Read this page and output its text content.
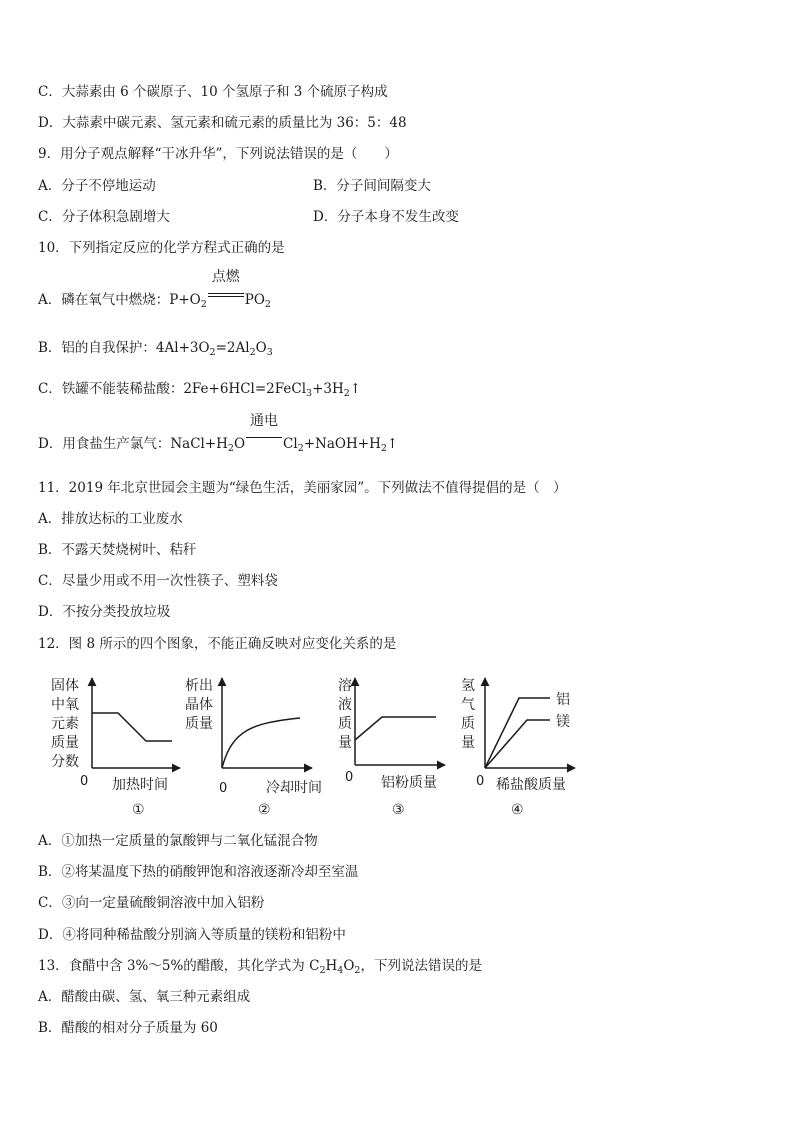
C．大蒜素由 6 个碳原子、10 个氢原子和 3 个硫原子构成
D．大蒜素中碳元素、氢元素和硫元素的质量比为 36：5：48
9．用分子观点解释“干冰升华”，下列说法错误的是（　　）
A．分子不停地运动	B．分子间间隔变大
C．分子体积急剧增大	D．分子本身不发生改变
10．下列指定反应的化学方程式正确的是
A．磷在氧气中燃烧：$P+O_2$
点燃
$PO_2$
B．铝的自我保护：$4Al+3O_2=2Al_2O_3$
C．铁罐不能装稀盐酸：$2Fe+6HCl=2FeCl_3+3H_2↑$
D．用食盐生产氯气：$NaCl+H_2O$
通电
$Cl_2+NaOH+H_2↑$
11．2019 年北京世园会主题为“绿色生活，美丽家园”。下列做法不值得提倡的是（　）
A．排放达标的工业废水
B．不露天焚烧树叶、秸秆
C．尽量少用或不用一次性筷子、塑料袋
D．不按分类投放垃圾
12．图 8 所示的四个图象，不能正确反映对应变化关系的是
固体
中氧
元素
质量
分数
0 加热时间
①
析出
晶体
质量
0	冷却时间
②
溶
液
质
量
0 铝粉质量
③
氢
气
质
量
铝
镁
0 稀盐酸质量
④
A．①加热一定质量的氯酸钾与二氧化锰混合物
B．②将某温度下热的硝酸钾饱和溶液逐渐冷却至室温
C．③向一定量硫酸铜溶液中加入铝粉
D．④将同种稀盐酸分别滴入等质量的镁粉和铝粉中
13．食醋中含 3%～5%的醋酸，其化学式为 $C_2H_4O_2$，下列说法错误的是
A．醋酸由碳、氢、氧三种元素组成
B．醋酸的相对分子质量为 60
